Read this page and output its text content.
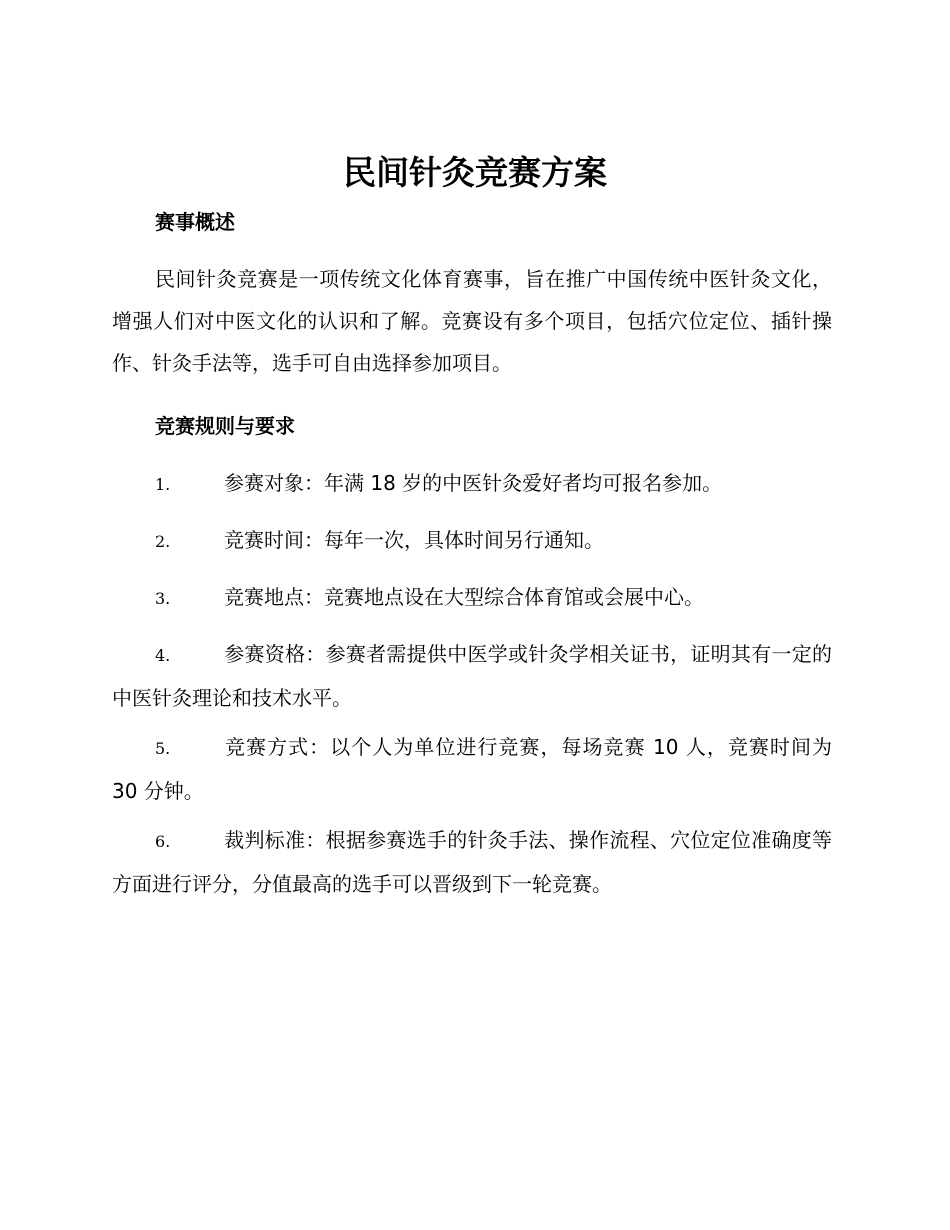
民间针灸竞赛方案
赛事概述

民间针灸竞赛是一项传统文化体育赛事，旨在推广中国传统中医针灸文化，增强人们对中医文化的认识和了解。竞赛设有多个项目，包括穴位定位、插针操作、针灸手法等，选手可自由选择参加项目。

竞赛规则与要求

1.	参赛对象：年满 18 岁的中医针灸爱好者均可报名参加。

2.	竞赛时间：每年一次，具体时间另行通知。

3.	竞赛地点：竞赛地点设在大型综合体育馆或会展中心。

4.	参赛资格：参赛者需提供中医学或针灸学相关证书，证明其有一定的中医针灸理论和技术水平。

5.	竞赛方式：以个人为单位进行竞赛，每场竞赛 10 人，竞赛时间为 30 分钟。

6.	裁判标准：根据参赛选手的针灸手法、操作流程、穴位定位准确度等方面进行评分，分值最高的选手可以晋级到下一轮竞赛。
